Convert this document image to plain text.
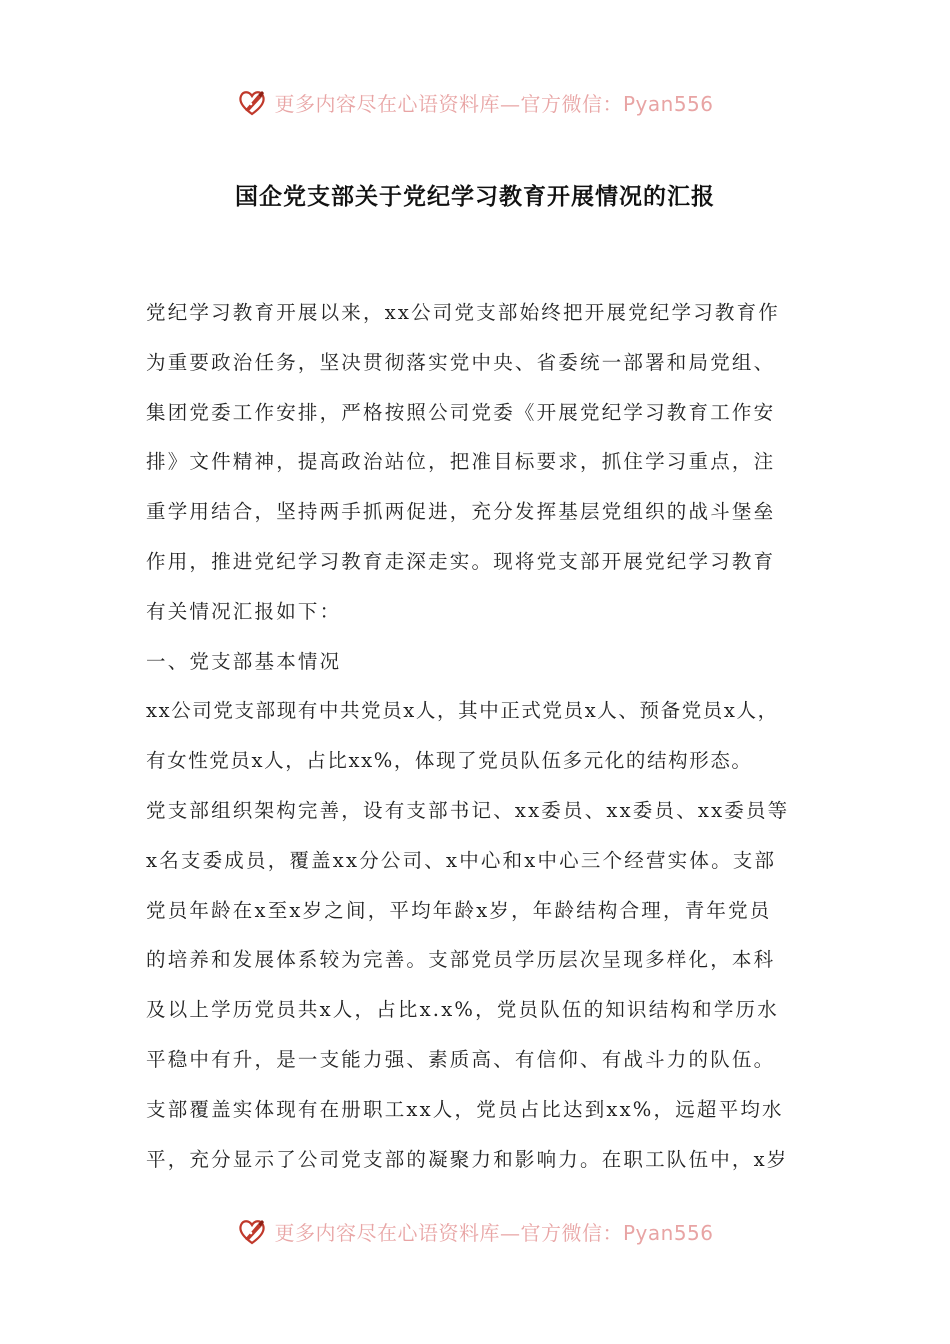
更多内容尽在心语资料库—官方微信：Pyan556
国企党支部关于党纪学习教育开展情况的汇报
党纪学习教育开展以来，xx公司党支部始终把开展党纪学习教育作
为重要政治任务，坚决贯彻落实党中央、省委统一部署和局党组、
集团党委工作安排，严格按照公司党委《开展党纪学习教育工作安
排》文件精神，提高政治站位，把准目标要求，抓住学习重点，注
重学用结合，坚持两手抓两促进，充分发挥基层党组织的战斗堡垒
作用，推进党纪学习教育走深走实。现将党支部开展党纪学习教育
有关情况汇报如下：
一、党支部基本情况
xx公司党支部现有中共党员x人，其中正式党员x人、预备党员x人，
有女性党员x人，占比xx%，体现了党员队伍多元化的结构形态。
党支部组织架构完善，设有支部书记、xx委员、xx委员、xx委员等
x名支委成员，覆盖xx分公司、x中心和x中心三个经营实体。支部
党员年龄在x至x岁之间，平均年龄x岁，年龄结构合理，青年党员
的培养和发展体系较为完善。支部党员学历层次呈现多样化，本科
及以上学历党员共x人，占比x.x%，党员队伍的知识结构和学历水
平稳中有升，是一支能力强、素质高、有信仰、有战斗力的队伍。
支部覆盖实体现有在册职工xx人，党员占比达到xx%，远超平均水
平，充分显示了公司党支部的凝聚力和影响力。在职工队伍中，x岁
更多内容尽在心语资料库—官方微信：Pyan556
